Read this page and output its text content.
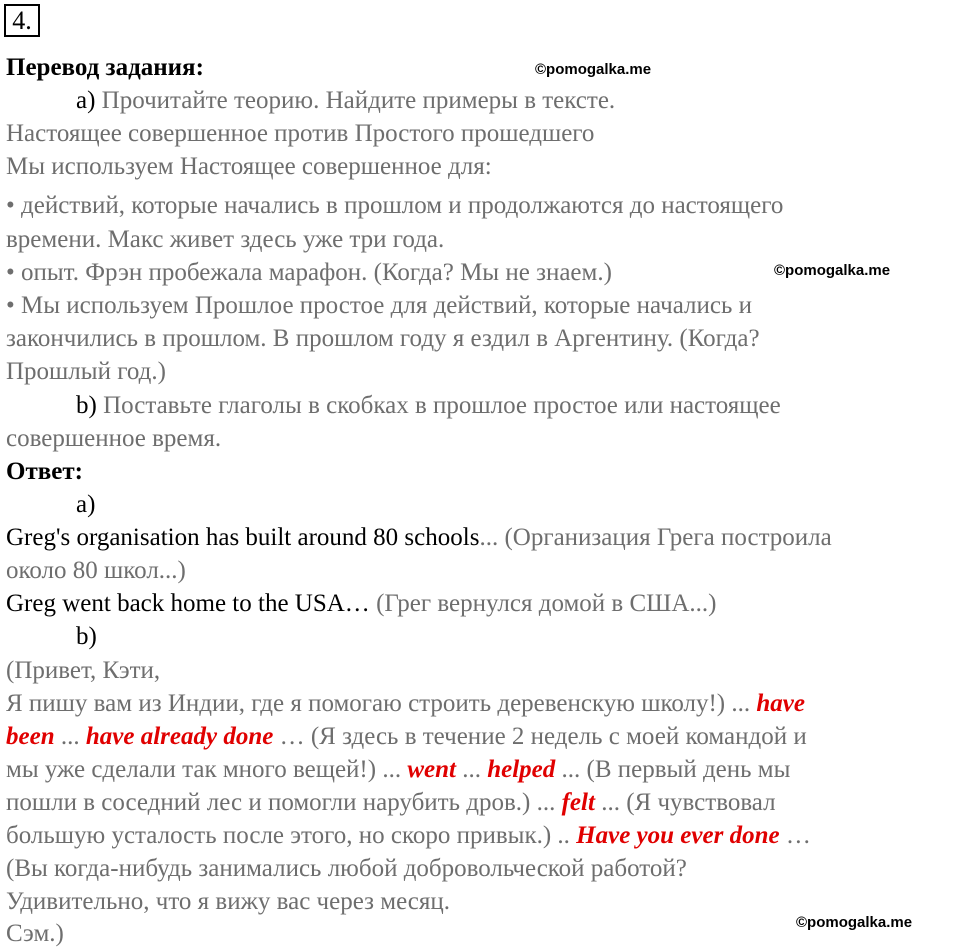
4.
Перевод задания:	©pomogalka.me
а) Прочитайте теорию. Найдите примеры в тексте.
Настоящее совершенное против Простого прошедшего
Мы используем Настоящее совершенное для:
• действий, которые начались в прошлом и продолжаются до настоящего
времени. Макс живет здесь уже три года.
• опыт. Фрэн пробежала марафон. (Когда? Мы не знаем.)	©pomogalka.me
• Мы используем Прошлое простое для действий, которые начались и
закончились в прошлом. В прошлом году я ездил в Аргентину. (Когда?
Прошлый год.)
b) Поставьте глаголы в скобках в прошлое простое или настоящее
совершенное время.
Ответ:
а)
Greg's organisation has built around 80 schools... (Организация Грега построила
около 80 школ...)
Greg went back home to the USA… (Грег вернулся домой в США...)
b)
(Привет, Кэти,
Я пишу вам из Индии, где я помогаю строить деревенскую школу!) ... have
been ... have already done … (Я здесь в течение 2 недель с моей командой и
мы уже сделали так много вещей!) ... went ... helped ... (В первый день мы
пошли в соседний лес и помогли нарубить дров.) ... felt ... (Я чувствовал
большую усталость после этого, но скоро привык.) .. Have you ever done …
(Вы когда-нибудь занимались любой добровольческой работой?
Удивительно, что я вижу вас через месяц.
©pomogalka.me
Сэм.)
